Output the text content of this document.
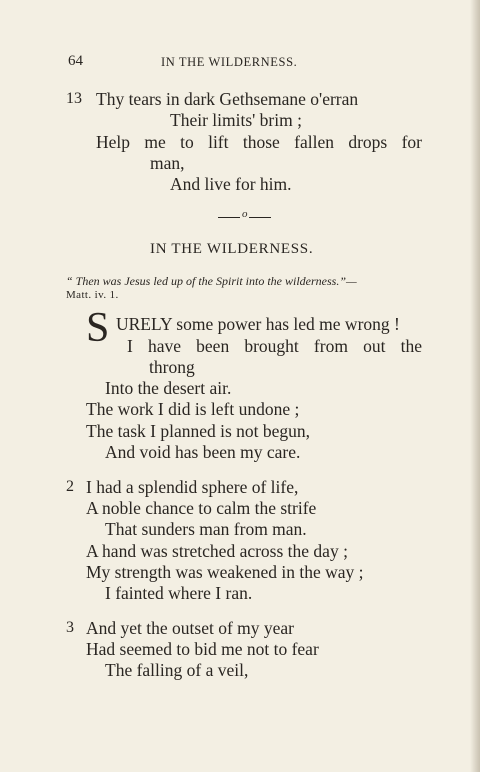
64	IN THE WILDERNESS.
13 Thy tears in dark Gethsemane o'erran
Their limits' brim ;
Help me to lift those fallen drops for
man,
And live for him.
o
IN THE WILDERNESS.
“ Then was Jesus led up of the Spirit into the wilderness.”—
Matt. iv. 1.
S URELY some power has led me wrong !
I have been brought from out the
throng
Into the desert air.
The work I did is left undone ;
The task I planned is not begun,
And void has been my care.
2 I had a splendid sphere of life,
A noble chance to calm the strife
That sunders man from man.
A hand was stretched across the day ;
My strength was weakened in the way ;
I fainted where I ran.
3 And yet the outset of my year
Had seemed to bid me not to fear
The falling of a veil,
